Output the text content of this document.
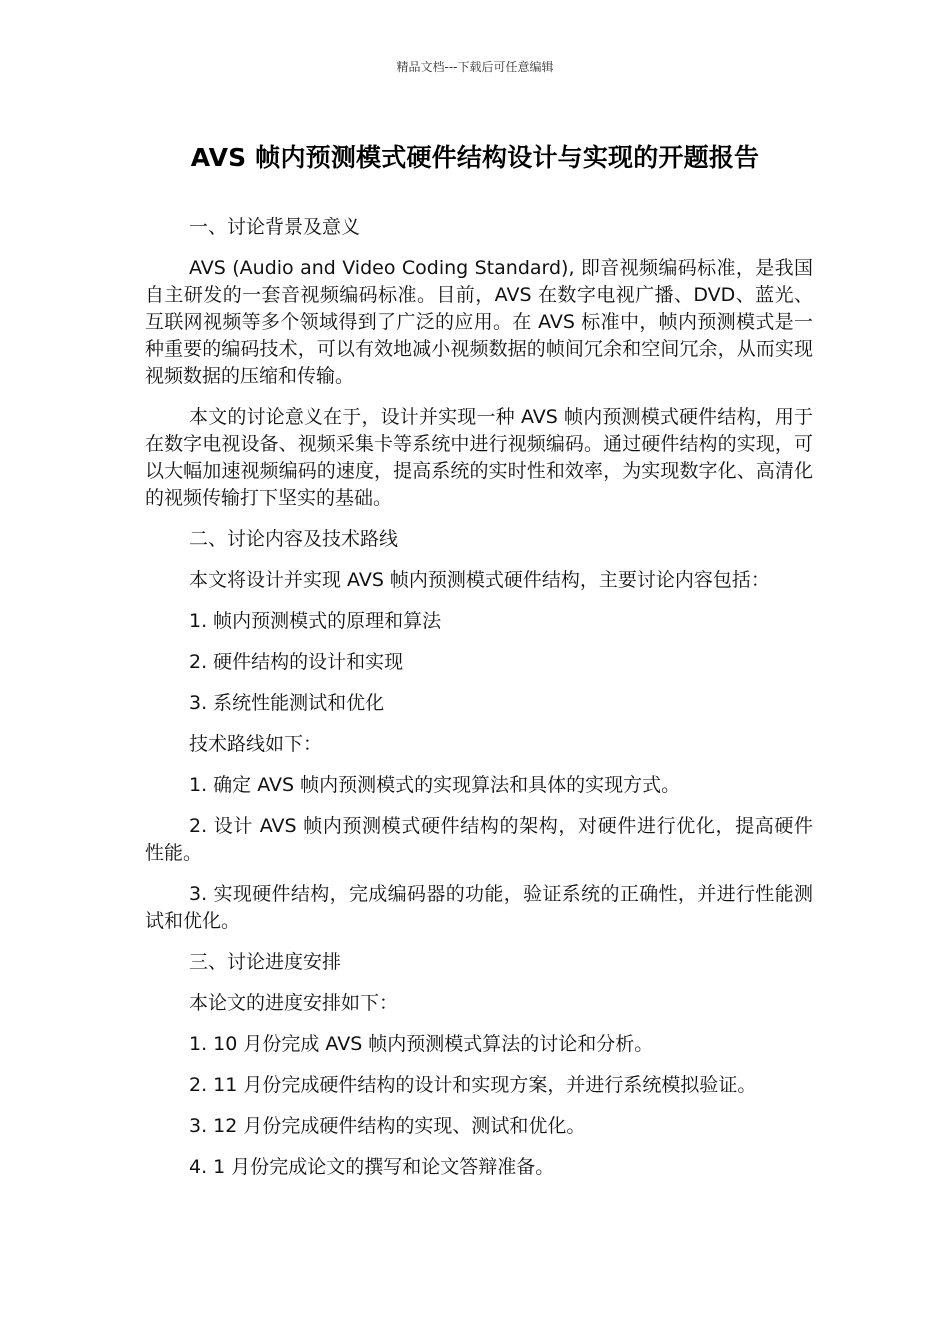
精品文档---下载后可任意编辑
AVS 帧内预测模式硬件结构设计与实现的开题报告
一、讨论背景及意义
AVS (Audio and Video Coding Standard), 即音视频编码标准，是我国自主研发的一套音视频编码标准。目前，AVS 在数字电视广播、DVD、蓝光、互联网视频等多个领域得到了广泛的应用。在 AVS 标准中，帧内预测模式是一种重要的编码技术，可以有效地减小视频数据的帧间冗余和空间冗余，从而实现视频数据的压缩和传输。
本文的讨论意义在于，设计并实现一种 AVS 帧内预测模式硬件结构，用于在数字电视设备、视频采集卡等系统中进行视频编码。通过硬件结构的实现，可以大幅加速视频编码的速度，提高系统的实时性和效率，为实现数字化、高清化的视频传输打下坚实的基础。
二、讨论内容及技术路线
本文将设计并实现 AVS 帧内预测模式硬件结构，主要讨论内容包括：
1. 帧内预测模式的原理和算法
2. 硬件结构的设计和实现
3. 系统性能测试和优化
技术路线如下：
1. 确定 AVS 帧内预测模式的实现算法和具体的实现方式。
2. 设计 AVS 帧内预测模式硬件结构的架构，对硬件进行优化，提高硬件性能。
3. 实现硬件结构，完成编码器的功能，验证系统的正确性，并进行性能测试和优化。
三、讨论进度安排
本论文的进度安排如下：
1. 10 月份完成 AVS 帧内预测模式算法的讨论和分析。
2. 11 月份完成硬件结构的设计和实现方案，并进行系统模拟验证。
3. 12 月份完成硬件结构的实现、测试和优化。
4. 1 月份完成论文的撰写和论文答辩准备。
